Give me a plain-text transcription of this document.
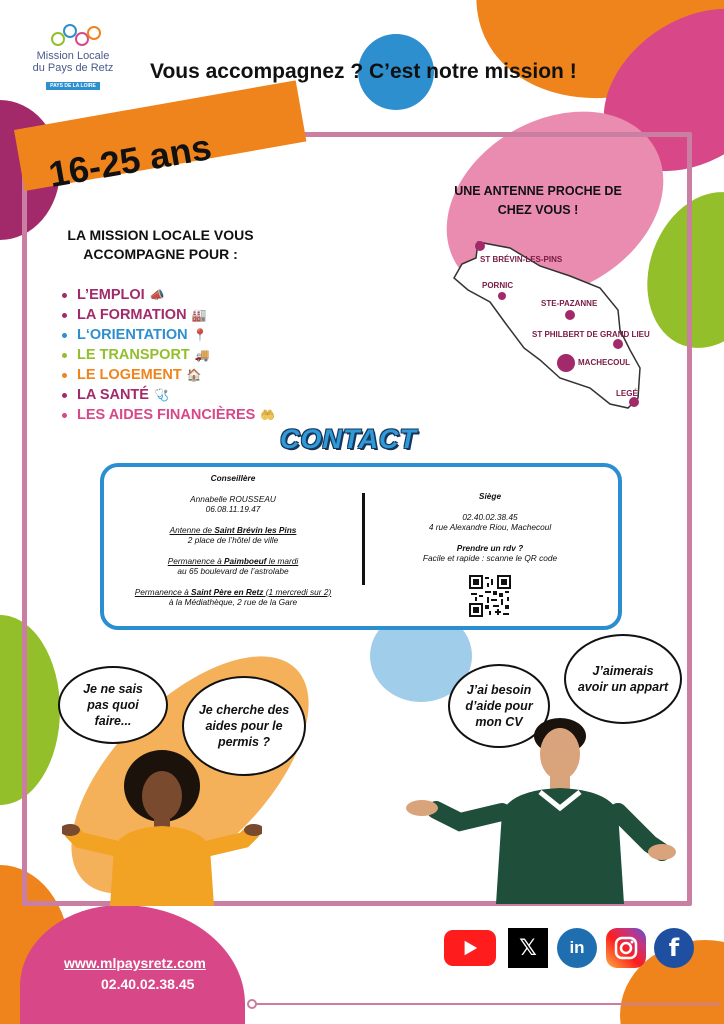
Mission Locale
du Pays de Retz
PAYS DE LA LOIRE
Vous accompagnez ? C’est notre mission !
16-25 ans
LA MISSION LOCALE VOUS ACCOMPAGNE POUR :
L’EMPLOI 📣
LA FORMATION 🏭
L‘ORIENTATION 📍
LE TRANSPORT 🚚
LE LOGEMENT 🏠
LA SANTÉ 🩺
LES AIDES FINANCIÈRES 🤲
UNE ANTENNE PROCHE DE CHEZ VOUS !
ST BRÉVIN-LES-PINS
PORNIC
STE-PAZANNE
ST PHILBERT DE GRAND LIEU
MACHECOUL
LEGÉ
CONTACT

Conseillère

Annabelle ROUSSEAU
06.08.11.19.47

Antenne de Saint Brévin les Pins
2 place de l’hôtel de ville

Permanence à Paimboeuf le mardi
au 65 boulevard de l’astrolabe

Permanence à Saint Père en Retz (1 mercredi sur 2)
à la Médiathèque, 2 rue de la Gare

Siège

02.40.02.38.45
4 rue Alexandre Riou, Machecoul

Prendre un rdv ?
Facile et rapide : scanne le QR code

Je ne sais pas quoi faire...
Je cherche des aides pour le permis ?
J’ai besoin d’aide pour mon CV
J’aimerais avoir un appart
www.mlpaysretz.com
02.40.02.38.45
𝕏	in	f
